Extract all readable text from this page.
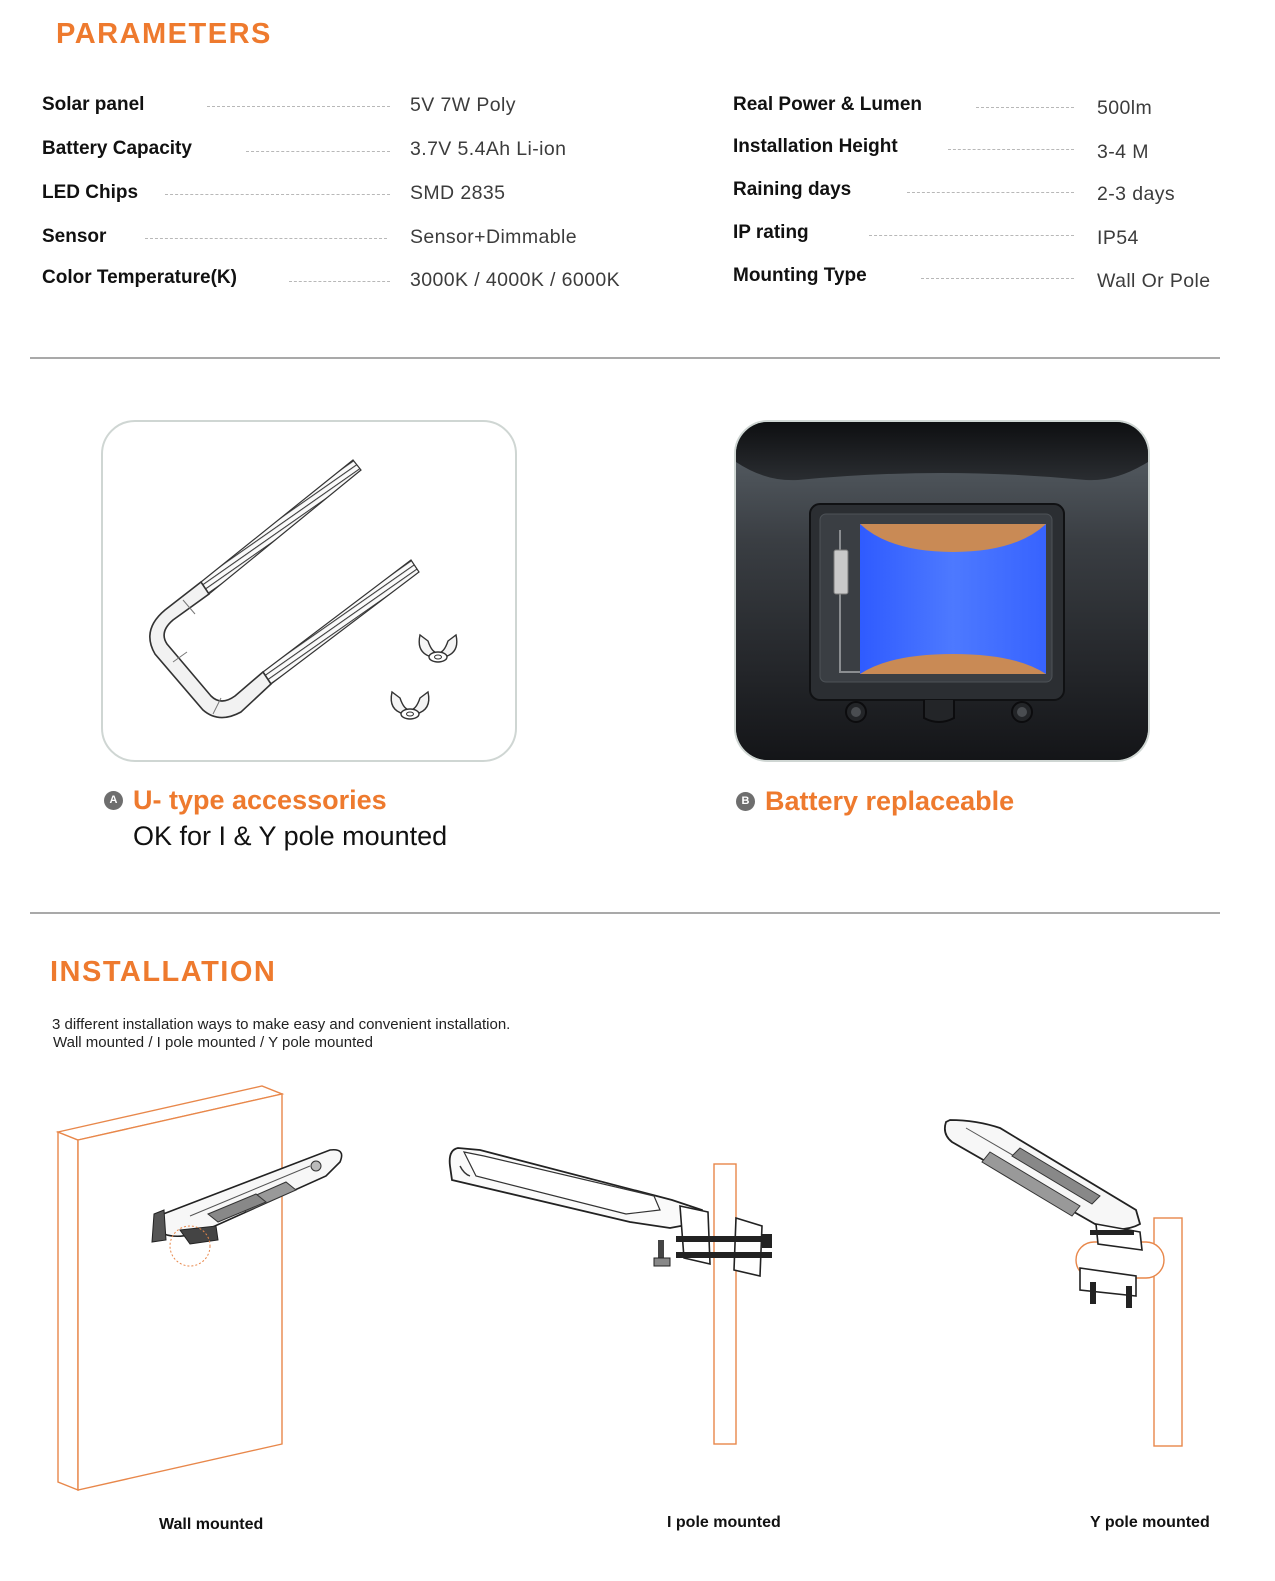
PARAMETERS
Solar panel	5V 7W Poly
Battery Capacity	3.7V 5.4Ah Li-ion
LED Chips	SMD 2835
Sensor	Sensor+Dimmable
Color Temperature(K)	3000K / 4000K / 6000K
Real Power & Lumen	500lm
Installation Height	3-4 M
Raining days	2-3 days
IP rating	IP54
Mounting Type	Wall Or Pole
A U- type accessories
OK for I & Y pole mounted
B Battery replaceable
INSTALLATION
3 different installation ways to make easy and convenient installation.
Wall mounted / I pole mounted / Y pole mounted
Wall mounted	I pole mounted	Y pole mounted
